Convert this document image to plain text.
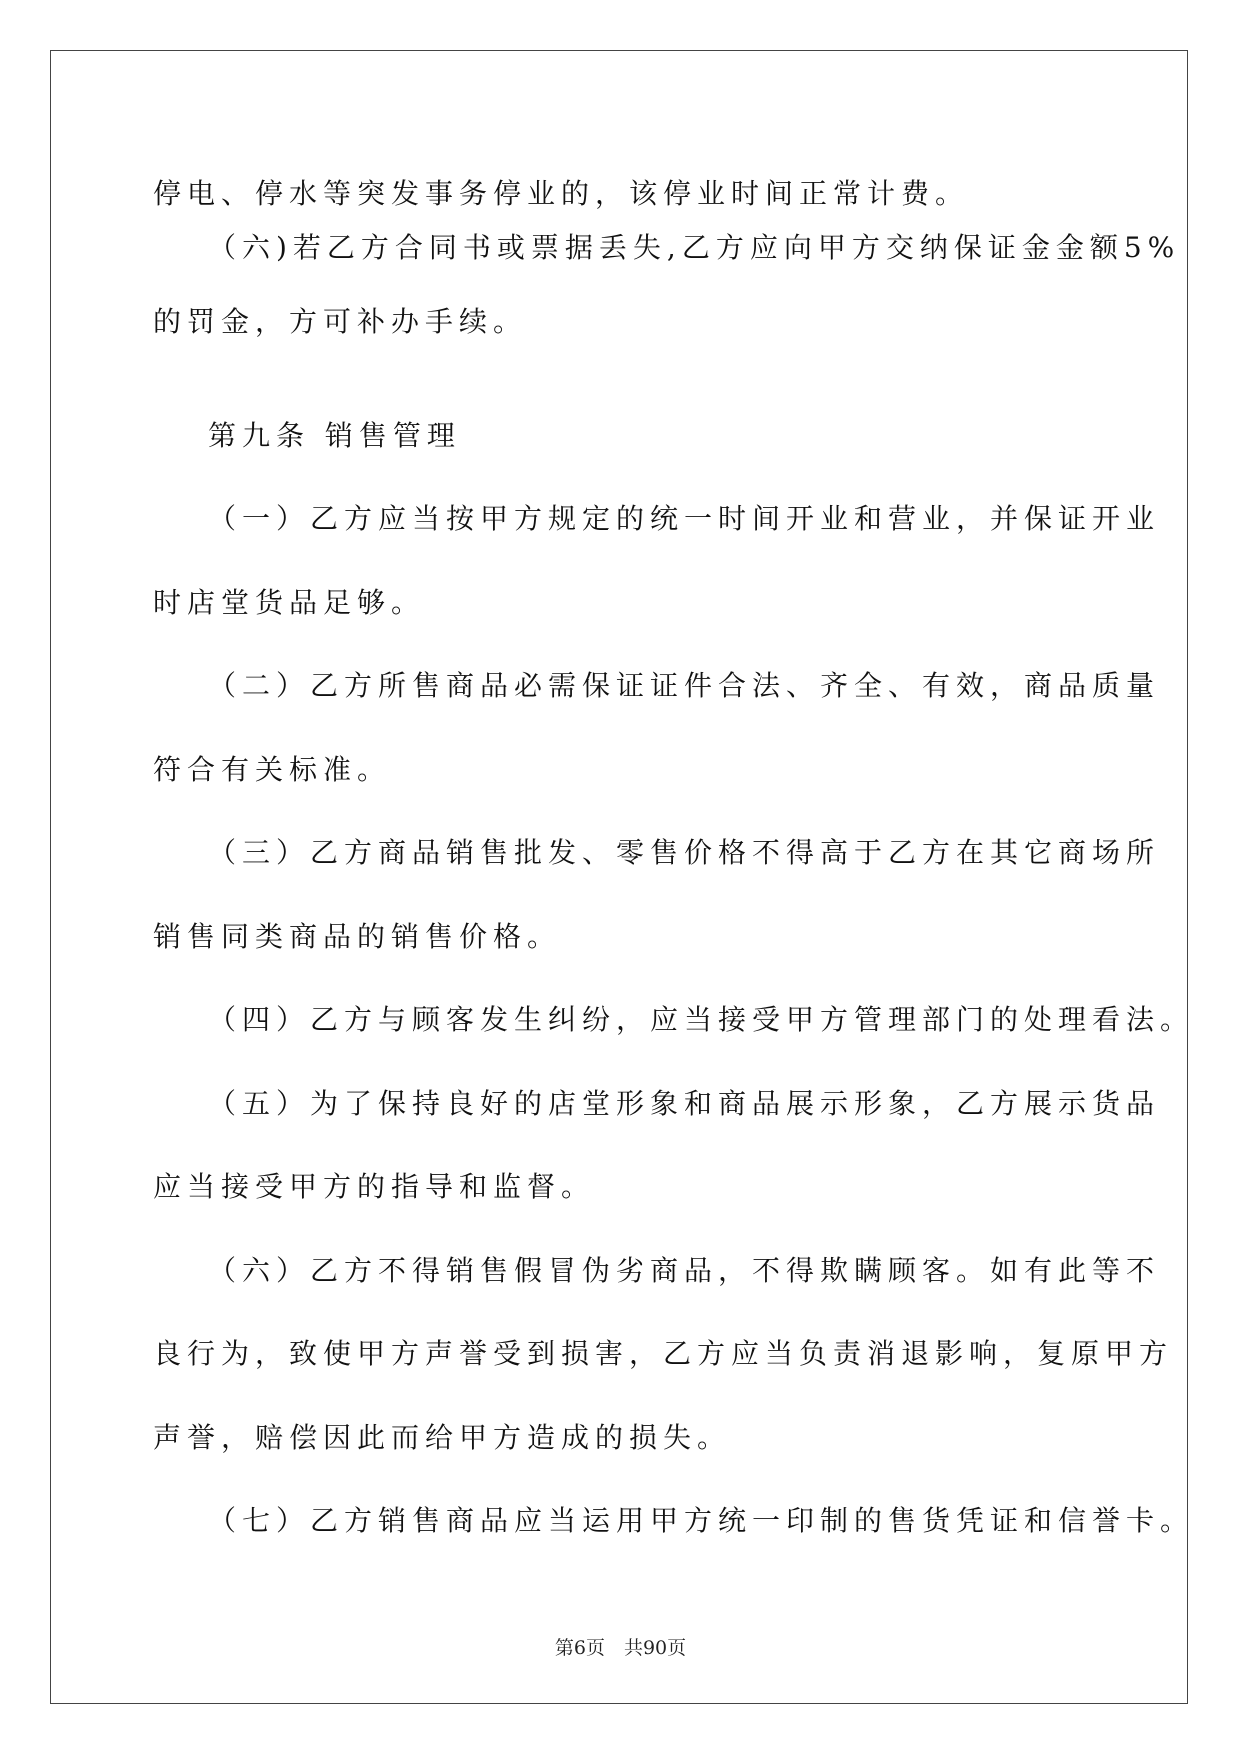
停电、停水等突发事务停业的，该停业时间正常计费。
（六)若乙方合同书或票据丢失,乙方应向甲方交纳保证金金额5%
的罚金，方可补办手续。
第九条 销售管理
（一）乙方应当按甲方规定的统一时间开业和营业，并保证开业
时店堂货品足够。
（二）乙方所售商品必需保证证件合法、齐全、有效，商品质量
符合有关标准。
（三）乙方商品销售批发、零售价格不得高于乙方在其它商场所
销售同类商品的销售价格。
（四）乙方与顾客发生纠纷，应当接受甲方管理部门的处理看法。
（五）为了保持良好的店堂形象和商品展示形象，乙方展示货品
应当接受甲方的指导和监督。
（六）乙方不得销售假冒伪劣商品，不得欺瞒顾客。如有此等不
良行为，致使甲方声誉受到损害，乙方应当负责消退影响，复原甲方
声誉，赔偿因此而给甲方造成的损失。
（七）乙方销售商品应当运用甲方统一印制的售货凭证和信誉卡。
第6页　共90页
